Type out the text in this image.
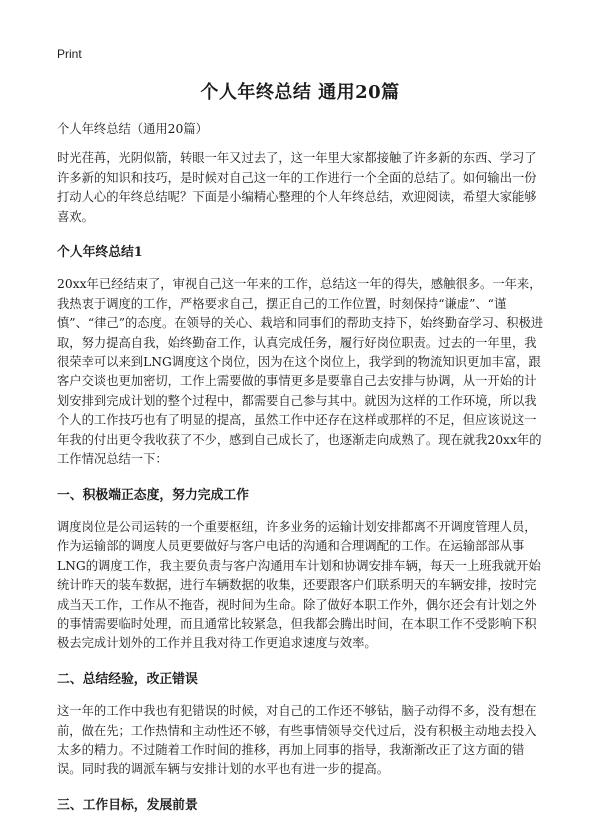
Print
个人年终总结 通用20篇

个人年终总结（通用20篇）

时光荏苒，光阴似箭，转眼一年又过去了，这一年里大家都接触了许多新的东西、学习了许多新的知识和技巧，是时候对自己这一年的工作进行一个全面的总结了。如何输出一份打动人心的年终总结呢？下面是小编精心整理的个人年终总结，欢迎阅读，希望大家能够喜欢。

个人年终总结1

20xx年已经结束了，审视自己这一年来的工作，总结这一年的得失，感触很多。一年来，我热衷于调度的工作，严格要求自己，摆正自己的工作位置，时刻保持“谦虚”、“谨慎”、“律己”的态度。在领导的关心、栽培和同事们的帮助支持下，始终勤奋学习、积极进取，努力提高自我，始终勤奋工作，认真完成任务，履行好岗位职责。过去的一年里，我很荣幸可以来到LNG调度这个岗位，因为在这个岗位上，我学到的物流知识更加丰富，跟客户交谈也更加密切，工作上需要做的事情更多是要靠自己去安排与协调，从一开始的计划安排到完成计划的整个过程中，都需要自己参与其中。就因为这样的工作环境，所以我个人的工作技巧也有了明显的提高，虽然工作中还存在这样或那样的不足，但应该说这一年我的付出更令我收获了不少，感到自己成长了，也逐渐走向成熟了。现在就我20xx年的工作情况总结一下：

一、积极端正态度，努力完成工作

调度岗位是公司运转的一个重要枢纽，许多业务的运输计划安排都离不开调度管理人员，作为运输部的调度人员更要做好与客户电话的沟通和合理调配的工作。在运输部部从事LNG的调度工作，我主要负责与客户沟通用车计划和协调安排车辆，每天一上班我就开始统计昨天的装车数据，进行车辆数据的收集，还要跟客户们联系明天的车辆安排，按时完成当天工作，工作从不拖沓，视时间为生命。除了做好本职工作外，偶尔还会有计划之外的事情需要临时处理，而且通常比较紧急，但我都会腾出时间，在本职工作不受影响下积极去完成计划外的工作并且我对待工作更追求速度与效率。

二、总结经验，改正错误

这一年的工作中我也有犯错误的时候，对自己的工作还不够钻，脑子动得不多，没有想在前，做在先；工作热情和主动性还不够，有些事情领导交代过后，没有积极主动地去投入太多的精力。不过随着工作时间的推移，再加上同事的指导，我渐渐改正了这方面的错误。同时我的调派车辆与安排计划的水平也有进一步的提高。

三、工作目标，发展前景
